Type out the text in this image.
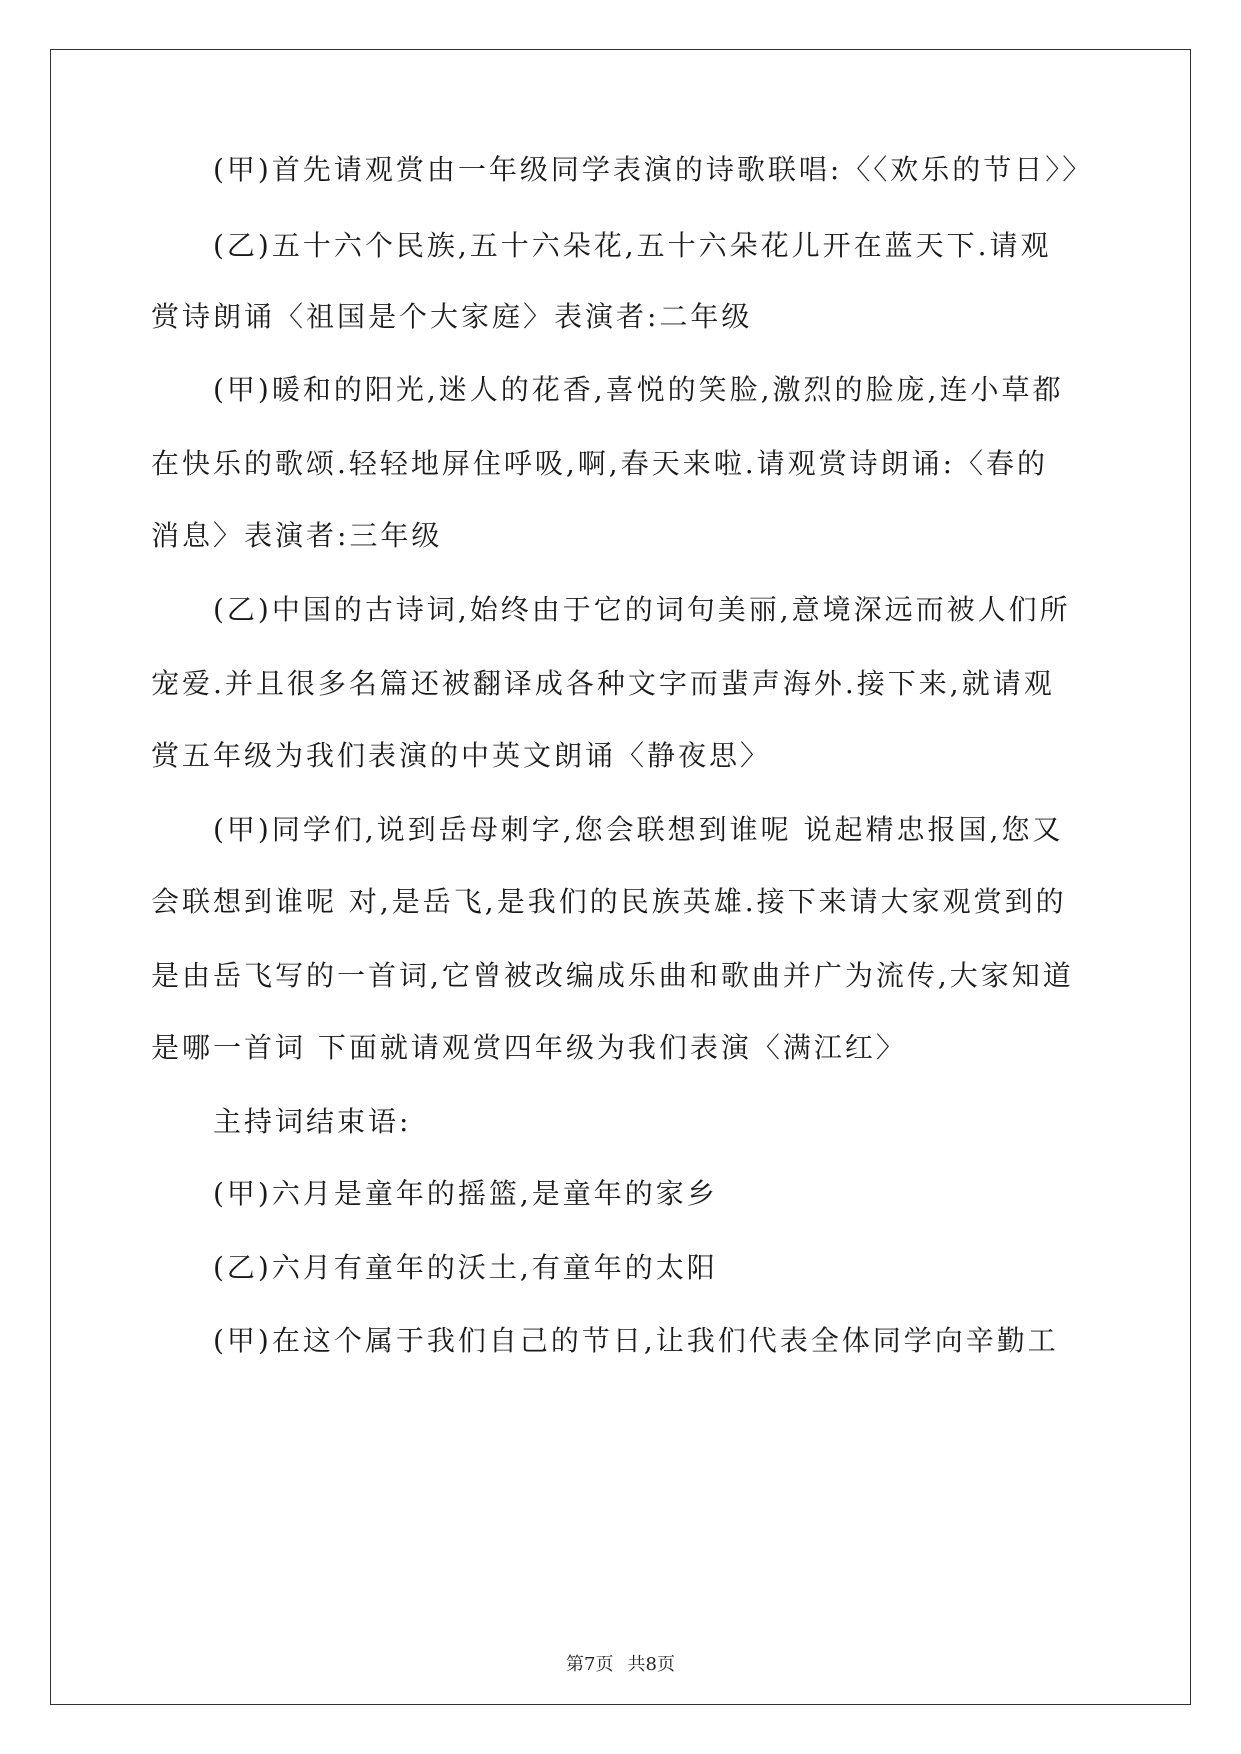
(甲)首先请观赏由一年级同学表演的诗歌联唱:〈〈欢乐的节日〉〉
(乙)五十六个民族,五十六朵花,五十六朵花儿开在蓝天下.请观
赏诗朗诵〈祖国是个大家庭〉表演者:二年级
(甲)暖和的阳光,迷人的花香,喜悦的笑脸,激烈的脸庞,连小草都
在快乐的歌颂.轻轻地屏住呼吸,啊,春天来啦.请观赏诗朗诵:〈春的
消息〉表演者:三年级
(乙)中国的古诗词,始终由于它的词句美丽,意境深远而被人们所
宠爱.并且很多名篇还被翻译成各种文字而蜚声海外.接下来,就请观
赏五年级为我们表演的中英文朗诵〈静夜思〉
(甲)同学们,说到岳母刺字,您会联想到谁呢 说起精忠报国,您又
会联想到谁呢 对,是岳飞,是我们的民族英雄.接下来请大家观赏到的
是由岳飞写的一首词,它曾被改编成乐曲和歌曲并广为流传,大家知道
是哪一首词 下面就请观赏四年级为我们表演〈满江红〉
主持词结束语:
(甲)六月是童年的摇篮,是童年的家乡
(乙)六月有童年的沃土,有童年的太阳
(甲)在这个属于我们自己的节日,让我们代表全体同学向辛勤工
第7页 共8页
